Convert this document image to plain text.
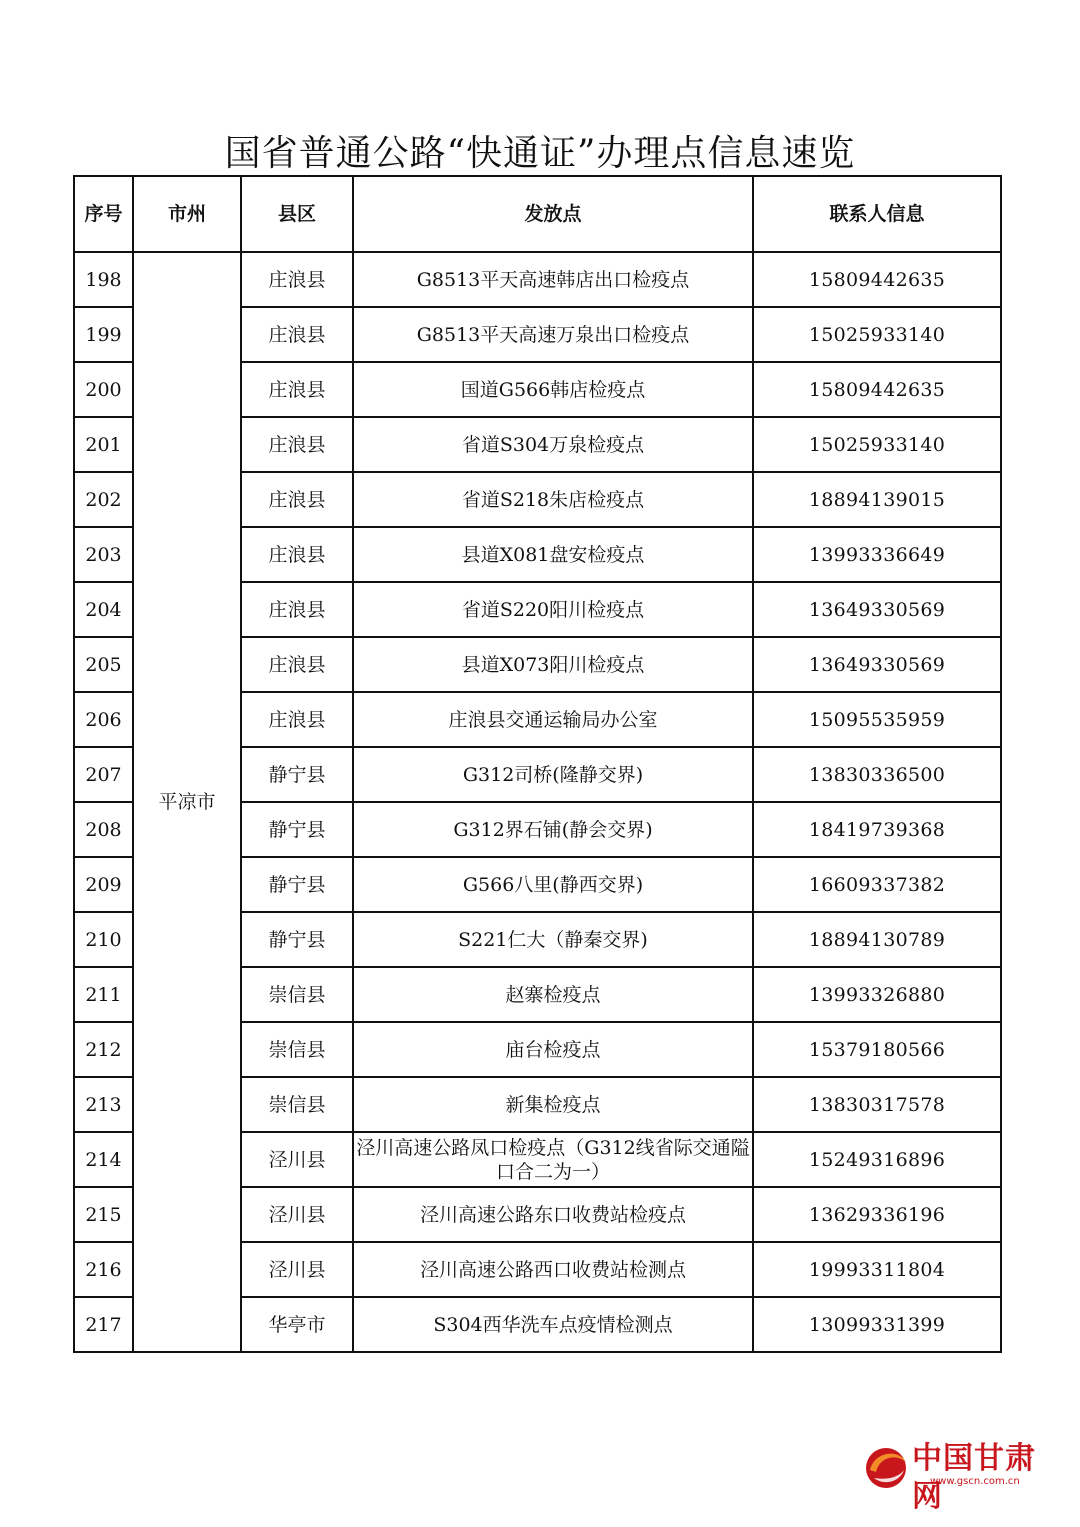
国省普通公路“快通证”办理点信息速览
序号	市州	县区	发放点	联系人信息
198	平凉市	庄浪县	G8513平天高速韩店出口检疫点	15809442635
199		庄浪县	G8513平天高速万泉出口检疫点	15025933140
200		庄浪县	国道G566韩店检疫点	15809442635
201		庄浪县	省道S304万泉检疫点	15025933140
202		庄浪县	省道S218朱店检疫点	18894139015
203		庄浪县	县道X081盘安检疫点	13993336649
204		庄浪县	省道S220阳川检疫点	13649330569
205		庄浪县	县道X073阳川检疫点	13649330569
206		庄浪县	庄浪县交通运输局办公室	15095535959
207		静宁县	G312司桥(隆静交界)	13830336500
208		静宁县	G312界石铺(静会交界)	18419739368
209		静宁县	G566八里(静西交界)	16609337382
210		静宁县	S221仁大（静秦交界)	18894130789
211		崇信县	赵寨检疫点	13993326880
212		崇信县	庙台检疫点	15379180566
213		崇信县	新集检疫点	13830317578
214		泾川县	泾川高速公路凤口检疫点（G312线省际交通隘口合二为一）	15249316896
215		泾川县	泾川高速公路东口收费站检疫点	13629336196
216		泾川县	泾川高速公路西口收费站检测点	19993311804
217		华亭市	S304西华洗车点疫情检测点	13099331399
中国甘肃网
www.gscn.com.cn
